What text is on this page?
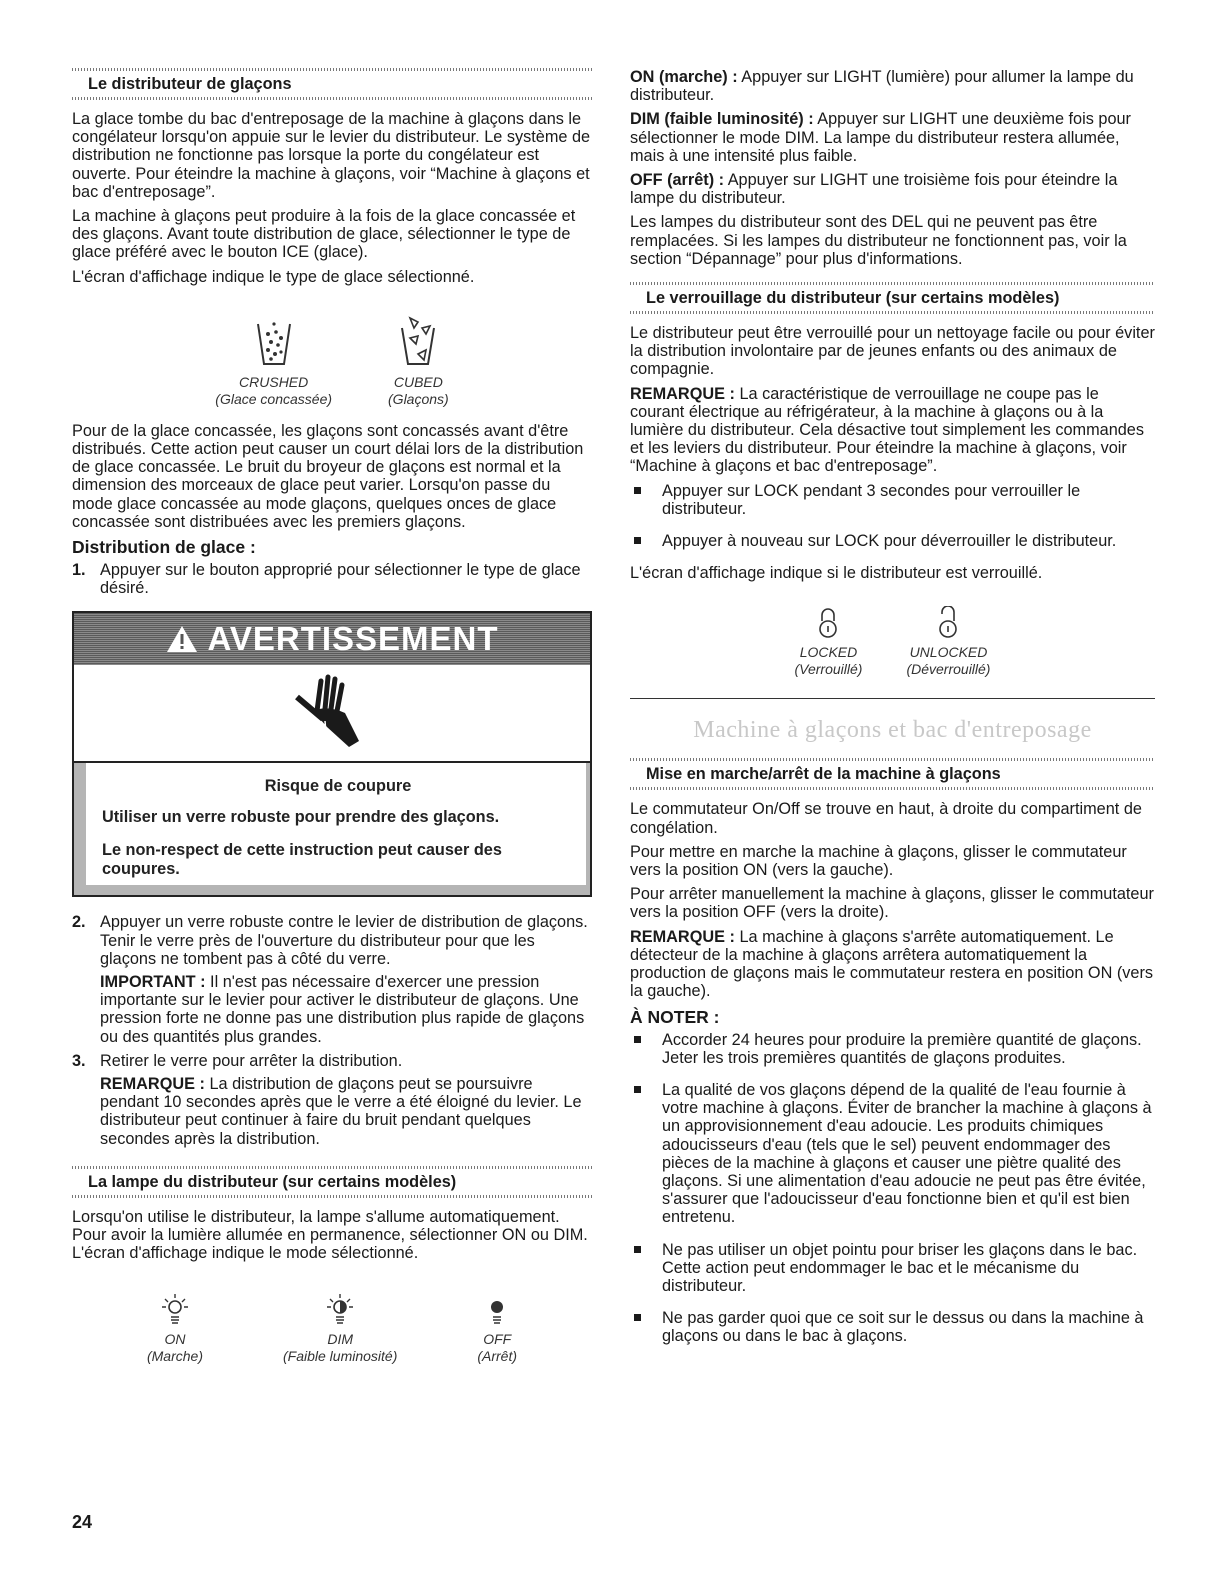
Le distributeur de glaçons

La glace tombe du bac d'entreposage de la machine à glaçons dans le congélateur lorsqu'on appuie sur le levier du distributeur. Le système de distribution ne fonctionne pas lorsque la porte du congélateur est ouverte. Pour éteindre la machine à glaçons, voir “Machine à glaçons et bac d'entreposage”.

La machine à glaçons peut produire à la fois de la glace concassée et des glaçons. Avant toute distribution de glace, sélectionner le type de glace préféré avec le bouton ICE (glace).

L'écran d'affichage indique le type de glace sélectionné.

CRUSHED
(Glace concassée)
CUBED
(Glaçons)

Pour de la glace concassée, les glaçons sont concassés avant d'être distribués. Cette action peut causer un court délai lors de la distribution de glace concassée. Le bruit du broyeur de glaçons est normal et la dimension des morceaux de glace peut varier. Lorsqu'on passe du mode glace concassée au mode glaçons, quelques onces de glace concassée sont distribuées avec les premiers glaçons.

Distribution de glace :
1. Appuyer sur le bouton approprié pour sélectionner le type de glace désiré.
AVERTISSEMENT
Risque de coupure
Utiliser un verre robuste pour prendre des glaçons.
Le non-respect de cette instruction peut causer des coupures.
2. Appuyer un verre robuste contre le levier de distribution de glaçons. Tenir le verre près de l'ouverture du distributeur pour que les glaçons ne tombent pas à côté du verre.

IMPORTANT : Il n'est pas nécessaire d'exercer une pression importante sur le levier pour activer le distributeur de glaçons. Une pression forte ne donne pas une distribution plus rapide de glaçons ou des quantités plus grandes.

3. Retirer le verre pour arrêter la distribution.

REMARQUE : La distribution de glaçons peut se poursuivre pendant 10 secondes après que le verre a été éloigné du levier. Le distributeur peut continuer à faire du bruit pendant quelques secondes après la distribution.

La lampe du distributeur (sur certains modèles)

Lorsqu'on utilise le distributeur, la lampe s'allume automatiquement. Pour avoir la lumière allumée en permanence, sélectionner ON ou DIM. L'écran d'affichage indique le mode sélectionné.

ON
(Marche)
DIM
(Faible luminosité)
OFF
(Arrêt)

ON (marche) : Appuyer sur LIGHT (lumière) pour allumer la lampe du distributeur.

DIM (faible luminosité) : Appuyer sur LIGHT une deuxième fois pour sélectionner le mode DIM. La lampe du distributeur restera allumée, mais à une intensité plus faible.

OFF (arrêt) : Appuyer sur LIGHT une troisième fois pour éteindre la lampe du distributeur.

Les lampes du distributeur sont des DEL qui ne peuvent pas être remplacées. Si les lampes du distributeur ne fonctionnent pas, voir la section “Dépannage” pour plus d'informations.

Le verrouillage du distributeur (sur certains modèles)

Le distributeur peut être verrouillé pour un nettoyage facile ou pour éviter la distribution involontaire par de jeunes enfants ou des animaux de compagnie.

REMARQUE : La caractéristique de verrouillage ne coupe pas le courant électrique au réfrigérateur, à la machine à glaçons ou à la lumière du distributeur. Cela désactive tout simplement les commandes et les leviers du distributeur. Pour éteindre la machine à glaçons, voir “Machine à glaçons et bac d'entreposage”.

Appuyer sur LOCK pendant 3 secondes pour verrouiller le distributeur.
Appuyer à nouveau sur LOCK pour déverrouiller le distributeur.

L'écran d'affichage indique si le distributeur est verrouillé.

LOCKED
(Verrouillé)
UNLOCKED
(Déverrouillé)
Machine à glaçons et bac d'entreposage
Mise en marche/arrêt de la machine à glaçons

Le commutateur On/Off se trouve en haut, à droite du compartiment de congélation.

Pour mettre en marche la machine à glaçons, glisser le commutateur vers la position ON (vers la gauche).

Pour arrêter manuellement la machine à glaçons, glisser le commutateur vers la position OFF (vers la droite).

REMARQUE : La machine à glaçons s'arrête automatiquement. Le détecteur de la machine à glaçons arrêtera automatiquement la production de glaçons mais le commutateur restera en position ON (vers la gauche).

À NOTER :
Accorder 24 heures pour produire la première quantité de glaçons. Jeter les trois premières quantités de glaçons produites.
La qualité de vos glaçons dépend de la qualité de l'eau fournie à votre machine à glaçons. Éviter de brancher la machine à glaçons à un approvisionnement d'eau adoucie. Les produits chimiques adoucisseurs d'eau (tels que le sel) peuvent endommager des pièces de la machine à glaçons et causer une piètre qualité des glaçons. Si une alimentation d'eau adoucie ne peut pas être évitée, s'assurer que l'adoucisseur d'eau fonctionne bien et qu'il est bien entretenu.
Ne pas utiliser un objet pointu pour briser les glaçons dans le bac. Cette action peut endommager le bac et le mécanisme du distributeur.
Ne pas garder quoi que ce soit sur le dessus ou dans la machine à glaçons ou dans le bac à glaçons.
24
